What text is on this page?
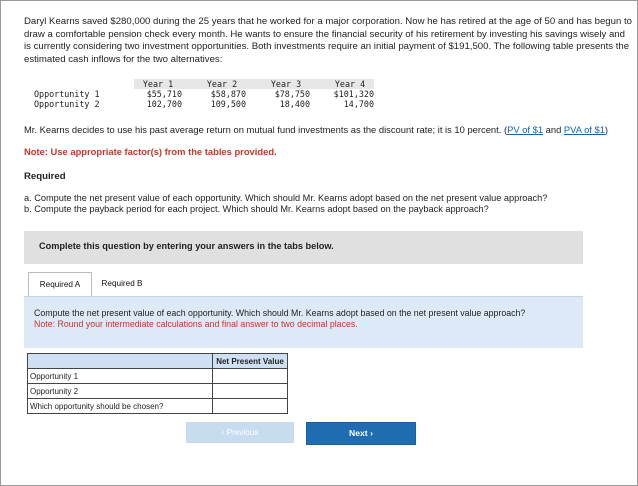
Daryl Kearns saved $280,000 during the 25 years that he worked for a major corporation. Now he has retired at the age of 50 and has begun to draw a comfortable pension check every month. He wants to ensure the financial security of his retirement by investing his savings wisely and is currently considering two investment opportunities. Both investments require an initial payment of $191,500. The following table presents the estimated cash inflows for the two alternatives:
	Year 1		Year 2		Year 3		Year 4
Opportunity 1	$55,710		$58,870		$78,750		$101,320
Opportunity 2	102,700		109,500		18,400		14,700
Mr. Kearns decides to use his past average return on mutual fund investments as the discount rate; it is 10 percent. (PV of $1 and PVA of $1)
Note: Use appropriate factor(s) from the tables provided.
Required
a. Compute the net present value of each opportunity. Which should Mr. Kearns adopt based on the net present value approach?
b. Compute the payback period for each project. Which should Mr. Kearns adopt based on the payback approach?
Complete this question by entering your answers in the tabs below.
Required A	Required B
Compute the net present value of each opportunity. Which should Mr. Kearns adopt based on the net present value approach?
Note: Round your intermediate calculations and final answer to two decimal places.
	Net Present Value
Opportunity 1	
Opportunity 2	
Which opportunity should be chosen?	
‹ Previous	Next ›
